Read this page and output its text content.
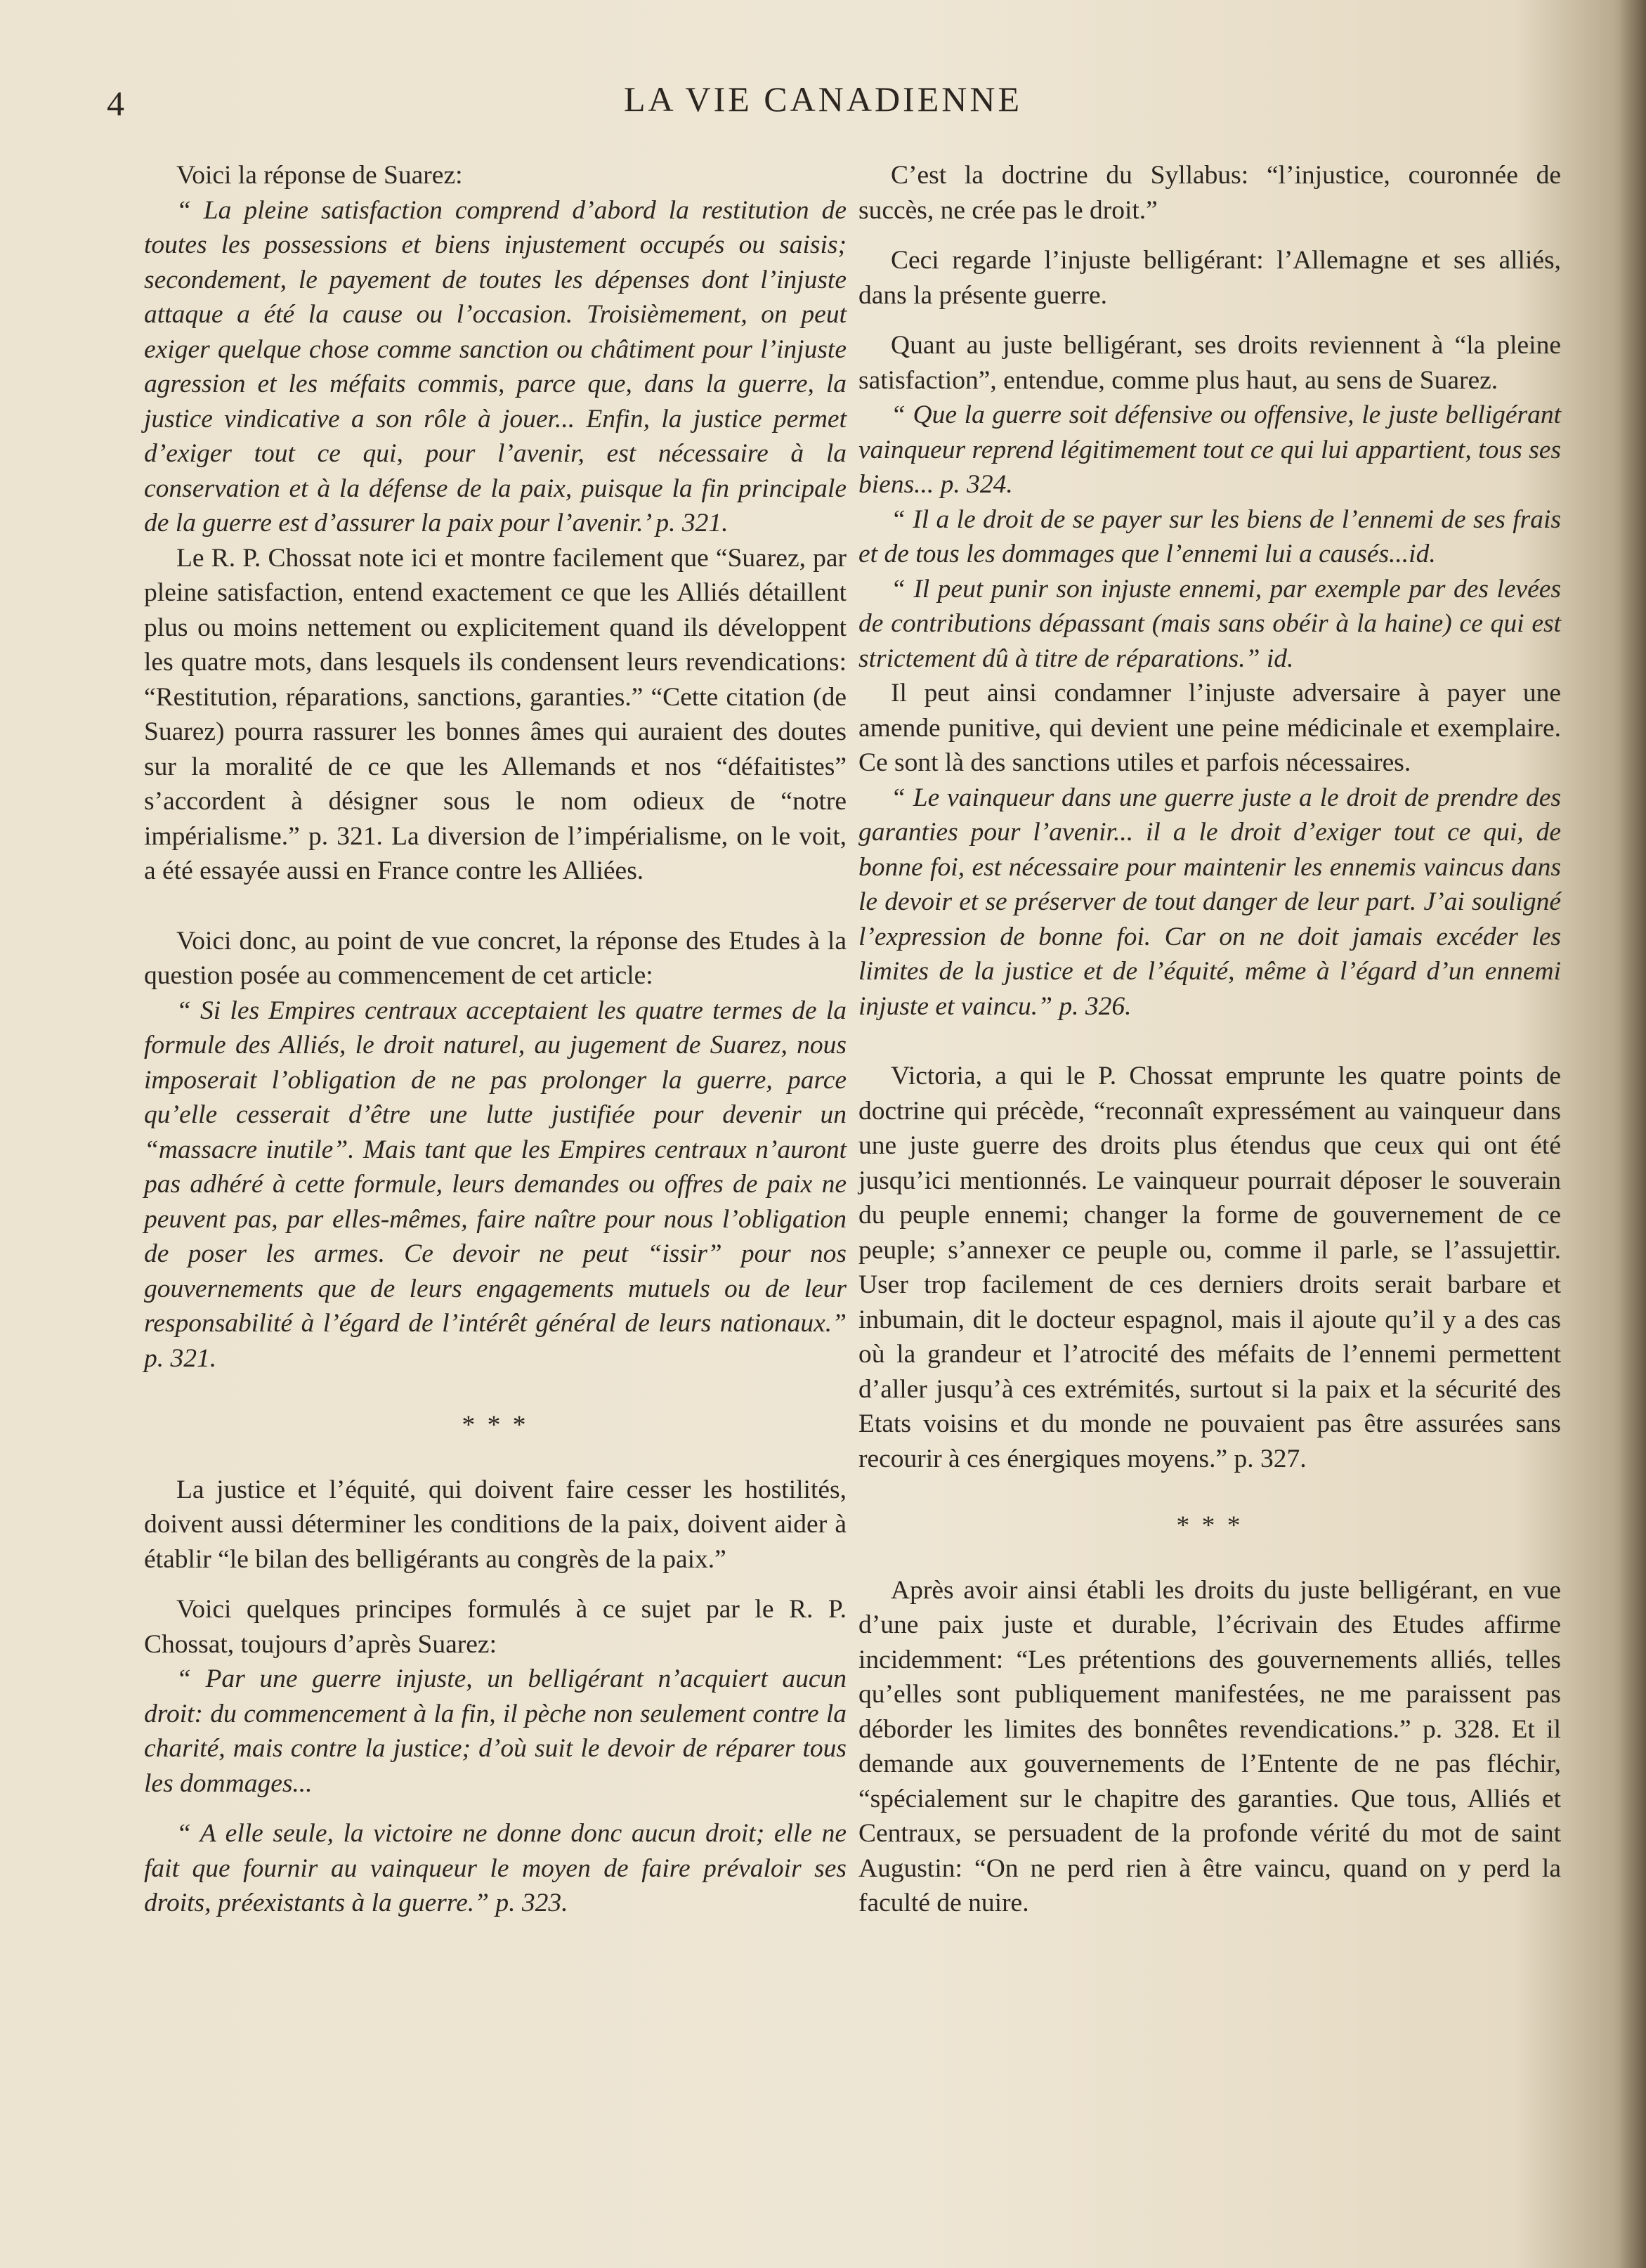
4	LA VIE CANADIENNE

Voici la réponse de Suarez:

“ La pleine satisfaction comprend d’abord la restitution de toutes les possessions et biens injustement occupés ou saisis; secondement, le payement de toutes les dépenses dont l’injuste attaque a été la cause ou l’occasion. Troisièmement, on peut exiger quelque chose comme sanction ou châtiment pour l’injuste agression et les méfaits commis, parce que, dans la guerre, la justice vindicative a son rôle à jouer... Enfin, la justice permet d’exiger tout ce qui, pour l’avenir, est nécessaire à la conservation et à la défense de la paix, puisque la fin principale de la guerre est d’assurer la paix pour l’avenir.’ p. 321.

Le R. P. Chossat note ici et montre facilement que “Suarez, par pleine satisfaction, entend exactement ce que les Alliés détaillent plus ou moins nettement ou explicitement quand ils développent les quatre mots, dans lesquels ils condensent leurs revendications: “Restitution, réparations, sanctions, garanties.” “Cette citation (de Suarez) pourra rassurer les bonnes âmes qui auraient des doutes sur la moralité de ce que les Allemands et nos “défaitistes” s’accordent à désigner sous le nom odieux de “notre impérialisme.” p. 321. La diversion de l’impérialisme, on le voit, a été essayée aussi en France contre les Alliées.

Voici donc, au point de vue concret, la réponse des Etudes à la question posée au commencement de cet article:

“ Si les Empires centraux acceptaient les quatre termes de la formule des Alliés, le droit naturel, au jugement de Suarez, nous imposerait l’obligation de ne pas prolonger la guerre, parce qu’elle cesserait d’être une lutte justifiée pour devenir un “massacre inutile”. Mais tant que les Empires centraux n’auront pas adhéré à cette formule, leurs demandes ou offres de paix ne peuvent pas, par elles-mêmes, faire naître pour nous l’obligation de poser les armes. Ce devoir ne peut “issir” pour nos gouvernements que de leurs engagements mutuels ou de leur responsabilité à l’égard de l’intérêt général de leurs nationaux.” p. 321.

* * *

La justice et l’équité, qui doivent faire cesser les hostilités, doivent aussi déterminer les conditions de la paix, doivent aider à établir “le bilan des belligérants au congrès de la paix.”

Voici quelques principes formulés à ce sujet par le R. P. Chossat, toujours d’après Suarez:

“ Par une guerre injuste, un belligérant n’acquiert aucun droit: du commencement à la fin, il pèche non seulement contre la charité, mais contre la justice; d’où suit le devoir de réparer tous les dommages...

“ A elle seule, la victoire ne donne donc aucun droit; elle ne fait que fournir au vainqueur le moyen de faire prévaloir ses droits, préexistants à la guerre.” p. 323.

C’est la doctrine du Syllabus: “l’injustice, couronnée de succès, ne crée pas le droit.”

Ceci regarde l’injuste belligérant: l’Allemagne et ses alliés, dans la présente guerre.

Quant au juste belligérant, ses droits reviennent à “la pleine satisfaction”, entendue, comme plus haut, au sens de Suarez.

“ Que la guerre soit défensive ou offensive, le juste belligérant vainqueur reprend légitimement tout ce qui lui appartient, tous ses biens... p. 324.

“ Il a le droit de se payer sur les biens de l’ennemi de ses frais et de tous les dommages que l’ennemi lui a causés...id.

“ Il peut punir son injuste ennemi, par exemple par des levées de contributions dépassant (mais sans obéir à la haine) ce qui est strictement dû à titre de réparations.” id.

Il peut ainsi condamner l’injuste adversaire à payer une amende punitive, qui devient une peine médicinale et exemplaire. Ce sont là des sanctions utiles et parfois nécessaires.

“ Le vainqueur dans une guerre juste a le droit de prendre des garanties pour l’avenir... il a le droit d’exiger tout ce qui, de bonne foi, est nécessaire pour maintenir les ennemis vaincus dans le devoir et se préserver de tout danger de leur part. J’ai souligné l’expression de bonne foi. Car on ne doit jamais excéder les limites de la justice et de l’équité, même à l’égard d’un ennemi injuste et vaincu.” p. 326.

Victoria, a qui le P. Chossat emprunte les quatre points de doctrine qui précède, “reconnaît expressément au vainqueur dans une juste guerre des droits plus étendus que ceux qui ont été jusqu’ici mentionnés. Le vainqueur pourrait déposer le souverain du peuple ennemi; changer la forme de gouvernement de ce peuple; s’annexer ce peuple ou, comme il parle, se l’assujettir. User trop facilement de ces derniers droits serait barbare et inbumain, dit le docteur espagnol, mais il ajoute qu’il y a des cas où la grandeur et l’atrocité des méfaits de l’ennemi permettent d’aller jusqu’à ces extrémités, surtout si la paix et la sécurité des Etats voisins et du monde ne pouvaient pas être assurées sans recourir à ces énergiques moyens.” p. 327.

* * *

Après avoir ainsi établi les droits du juste belligérant, en vue d’une paix juste et durable, l’écrivain des Etudes affirme incidemment: “Les prétentions des gouvernements alliés, telles qu’elles sont publiquement manifestées, ne me paraissent pas déborder les limites des bonnêtes revendications.” p. 328. Et il demande aux gouvernements de l’Entente de ne pas fléchir, “spécialement sur le chapitre des garanties. Que tous, Alliés et Centraux, se persuadent de la profonde vérité du mot de saint Augustin: “On ne perd rien à être vaincu, quand on y perd la faculté de nuire.
